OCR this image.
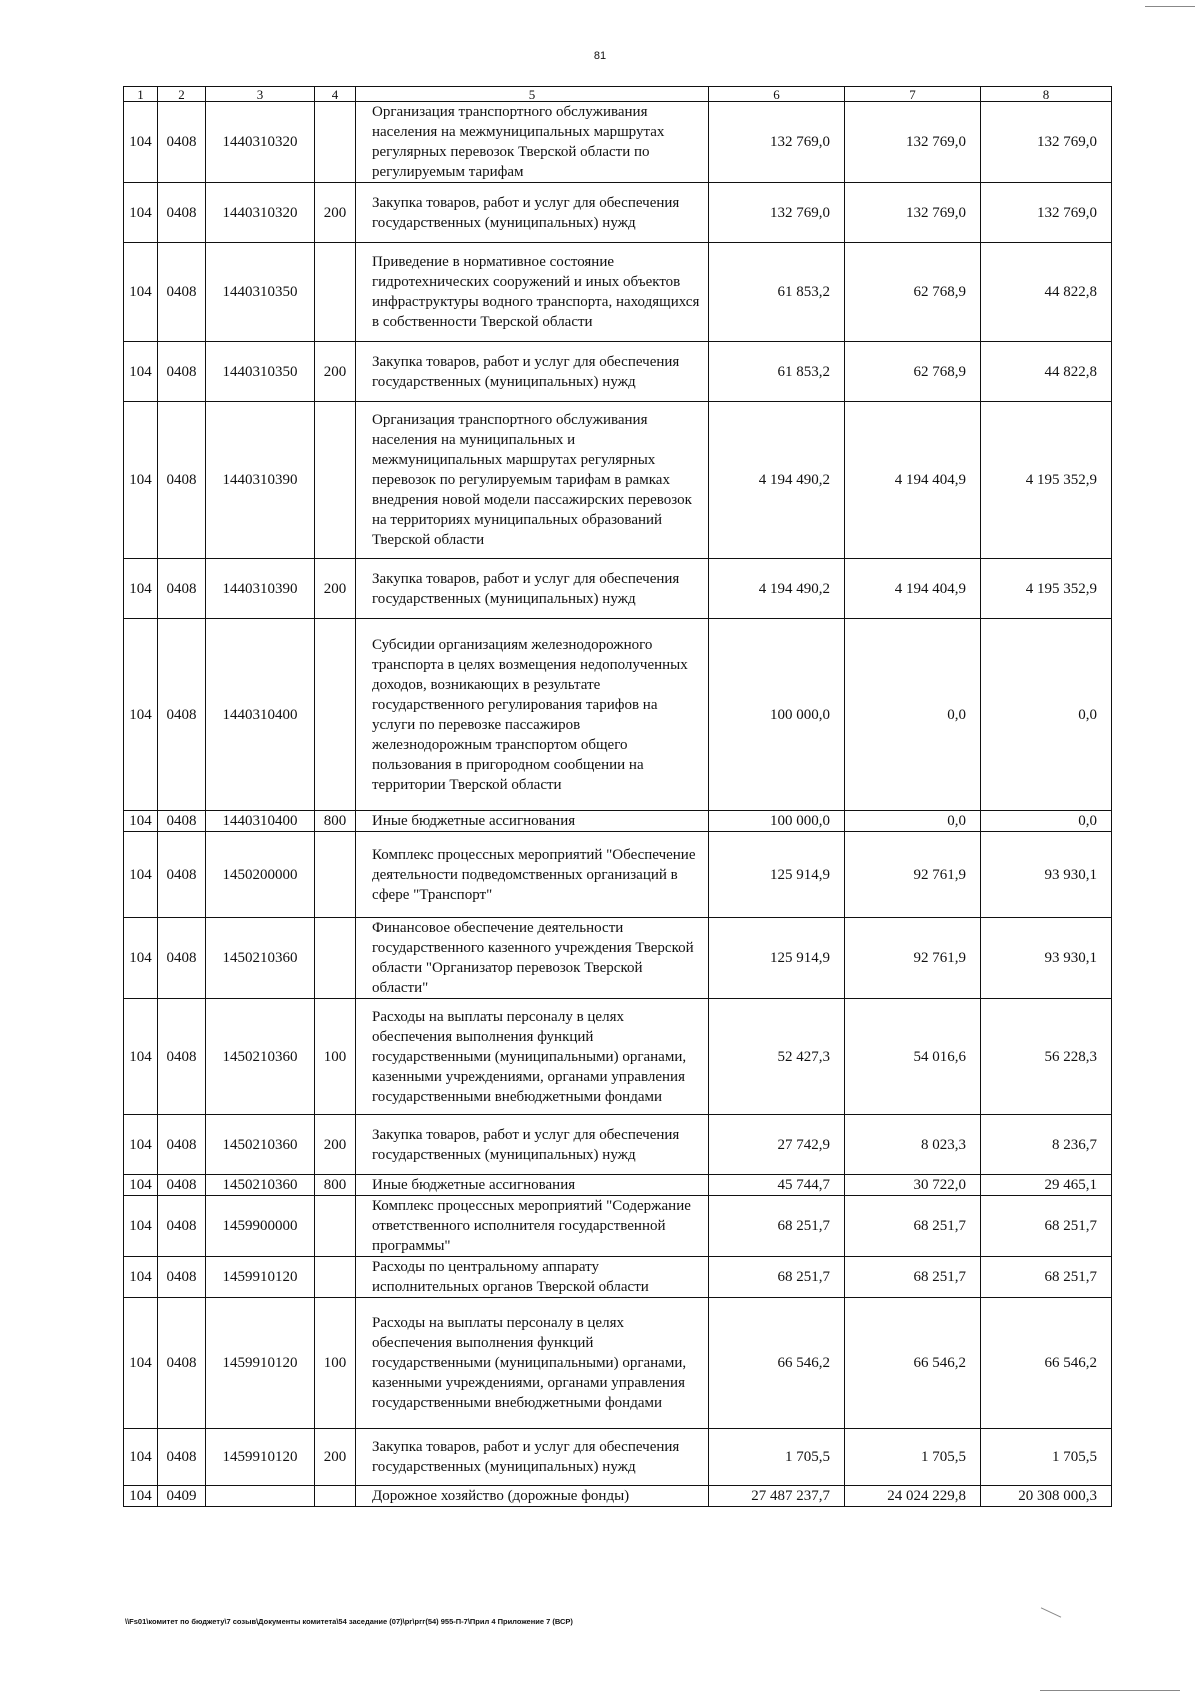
81
1	2	3	4	5	6	7	8
104	0408	1440310320		Организация транспортного обслуживания населения на межмуниципальных маршрутах регулярных перевозок Тверской области по регулируемым тарифам	132 769,0	132 769,0	132 769,0
104	0408	1440310320	200	Закупка товаров, работ и услуг для обеспечения государственных (муниципальных) нужд	132 769,0	132 769,0	132 769,0
104	0408	1440310350		Приведение в нормативное состояние гидротехнических сооружений и иных объектов инфраструктуры водного транспорта, находящихся в собственности Тверской области	61 853,2	62 768,9	44 822,8
104	0408	1440310350	200	Закупка товаров, работ и услуг для обеспечения государственных (муниципальных) нужд	61 853,2	62 768,9	44 822,8
104	0408	1440310390		Организация транспортного обслуживания населения на муниципальных и межмуниципальных маршрутах регулярных перевозок по регулируемым тарифам в рамках внедрения новой модели пассажирских перевозок на территориях муниципальных образований Тверской области	4 194 490,2	4 194 404,9	4 195 352,9
104	0408	1440310390	200	Закупка товаров, работ и услуг для обеспечения государственных (муниципальных) нужд	4 194 490,2	4 194 404,9	4 195 352,9
104	0408	1440310400		Субсидии организациям железнодорожного транспорта в целях возмещения недополученных доходов, возникающих в результате государственного регулирования тарифов на услуги по перевозке пассажиров железнодорожным транспортом общего пользования в пригородном сообщении на территории Тверской области	100 000,0	0,0	0,0
104	0408	1440310400	800	Иные бюджетные ассигнования	100 000,0	0,0	0,0
104	0408	1450200000		Комплекс процессных мероприятий "Обеспечение деятельности подведомственных организаций в сфере "Транспорт"	125 914,9	92 761,9	93 930,1
104	0408	1450210360		Финансовое обеспечение деятельности государственного казенного учреждения Тверской области "Организатор перевозок Тверской области"	125 914,9	92 761,9	93 930,1
104	0408	1450210360	100	Расходы на выплаты персоналу в целях обеспечения выполнения функций государственными (муниципальными) органами, казенными учреждениями, органами управления государственными внебюджетными фондами	52 427,3	54 016,6	56 228,3
104	0408	1450210360	200	Закупка товаров, работ и услуг для обеспечения государственных (муниципальных) нужд	27 742,9	8 023,3	8 236,7
104	0408	1450210360	800	Иные бюджетные ассигнования	45 744,7	30 722,0	29 465,1
104	0408	1459900000		Комплекс процессных мероприятий "Содержание ответственного исполнителя государственной программы"	68 251,7	68 251,7	68 251,7
104	0408	1459910120		Расходы по центральному аппарату исполнительных органов Тверской области	68 251,7	68 251,7	68 251,7
104	0408	1459910120	100	Расходы на выплаты персоналу в целях обеспечения выполнения функций государственными (муниципальными) органами, казенными учреждениями, органами управления государственными внебюджетными фондами	66 546,2	66 546,2	66 546,2
104	0408	1459910120	200	Закупка товаров, работ и услуг для обеспечения государственных (муниципальных) нужд	1 705,5	1 705,5	1 705,5
104	0409			Дорожное хозяйство (дорожные фонды)	27 487 237,7	24 024 229,8	20 308 000,3
\\Fs01\комитет по бюджету\7 созыв\Документы комитета\54 заседание (07)\рг\ргг(54) 955-П-7\Прил 4 Приложение 7 (ВСР)
